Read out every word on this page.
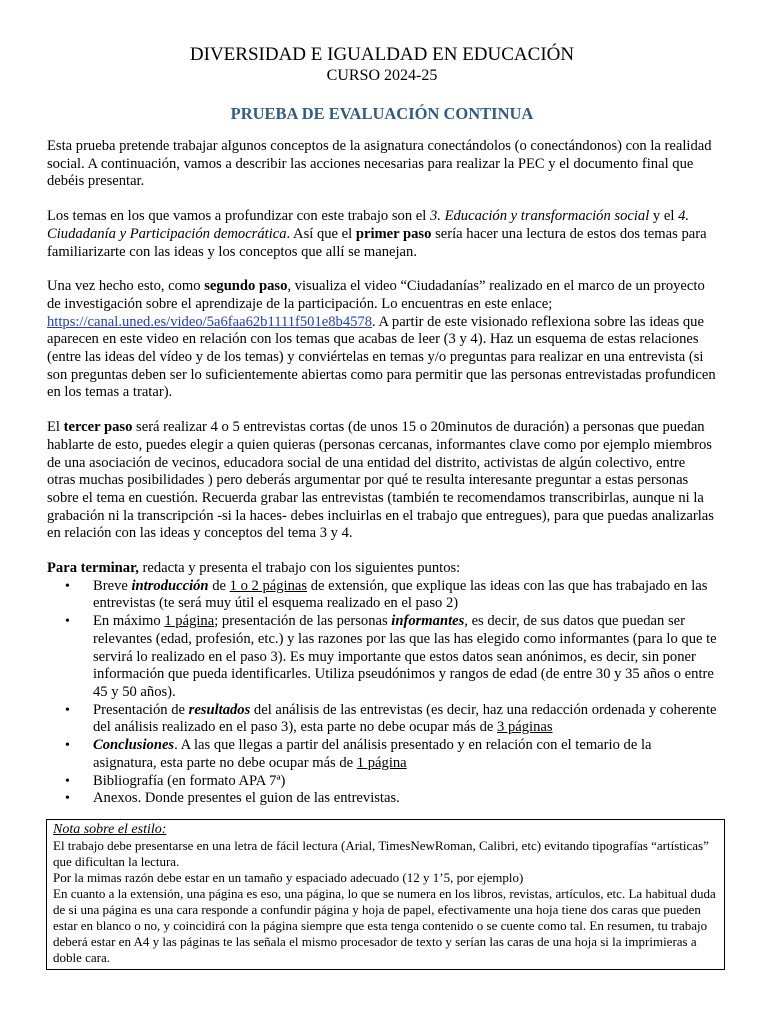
DIVERSIDAD E IGUALDAD EN EDUCACIÓN
CURSO 2024-25
PRUEBA DE EVALUACIÓN CONTINUA

Esta prueba pretende trabajar algunos conceptos de la asignatura conectándolos (o conectándonos) con la realidad social. A continuación, vamos a describir las acciones necesarias para realizar la PEC y el documento final que debéis presentar.

Los temas en los que vamos a profundizar con este trabajo son el 3. Educación y transformación social y el 4. Ciudadanía y Participación democrática. Así que el primer paso sería hacer una lectura de estos dos temas para familiarizarte con las ideas y los conceptos que allí se manejan.

Una vez hecho esto, como segundo paso, visualiza el video “Ciudadanías” realizado en el marco de un proyecto de investigación sobre el aprendizaje de la participación. Lo encuentras en este enlace; https://canal.uned.es/video/5a6faa62b1111f501e8b4578. A partir de este visionado reflexiona sobre las ideas que aparecen en este video en relación con los temas que acabas de leer (3 y 4). Haz un esquema de estas relaciones (entre las ideas del vídeo y de los temas) y conviértelas en temas y/o preguntas para realizar en una entrevista (si son preguntas deben ser lo suficientemente abiertas como para permitir que las personas entrevistadas profundicen en los temas a tratar).

El tercer paso será realizar 4 o 5 entrevistas cortas (de unos 15 o 20minutos de duración) a personas que puedan hablarte de esto, puedes elegir a quien quieras (personas cercanas, informantes clave como por ejemplo miembros de una asociación de vecinos, educadora social de una entidad del distrito, activistas de algún colectivo, entre otras muchas posibilidades ) pero deberás argumentar por qué te resulta interesante preguntar a estas personas sobre el tema en cuestión. Recuerda grabar las entrevistas (también te recomendamos transcribirlas, aunque ni la grabación ni la transcripción -si la haces- debes incluirlas en el trabajo que entregues), para que puedas analizarlas en relación con las ideas y conceptos del tema 3 y 4.

Para terminar, redacta y presenta el trabajo con los siguientes puntos:

• Breve introducción de 1 o 2 páginas de extensión, que explique las ideas con las que has trabajado en las entrevistas (te será muy útil el esquema realizado en el paso 2)
• En máximo 1 página; presentación de las personas informantes, es decir, de sus datos que puedan ser relevantes (edad, profesión, etc.) y las razones por las que las has elegido como informantes (para lo que te servirá lo realizado en el paso 3). Es muy importante que estos datos sean anónimos, es decir, sin poner información que pueda identificarles. Utiliza pseudónimos y rangos de edad (de entre 30 y 35 años o entre 45 y 50 años).
• Presentación de resultados del análisis de las entrevistas (es decir, haz una redacción ordenada y coherente del análisis realizado en el paso 3), esta parte no debe ocupar más de 3 páginas
• Conclusiones. A las que llegas a partir del análisis presentado y en relación con el temario de la asignatura, esta parte no debe ocupar más de 1 página
• Bibliografía (en formato APA 7ª)
• Anexos. Donde presentes el guion de las entrevistas.
Nota sobre el estilo:
El trabajo debe presentarse en una letra de fácil lectura (Arial, TimesNewRoman, Calibri, etc) evitando tipografías “artísticas” que dificultan la lectura.
Por la mimas razón debe estar en un tamaño y espaciado adecuado (12 y 1’5, por ejemplo)
En cuanto a la extensión, una página es eso, una página, lo que se numera en los libros, revistas, artículos, etc. La habitual duda de si una página es una cara responde a confundir página y hoja de papel, efectivamente una hoja tiene dos caras que pueden estar en blanco o no, y coincidirá con la página siempre que esta tenga contenido o se cuente como tal. En resumen, tu trabajo deberá estar en A4 y las páginas te las señala el mismo procesador de texto y serían las caras de una hoja si la imprimieras a doble cara.
